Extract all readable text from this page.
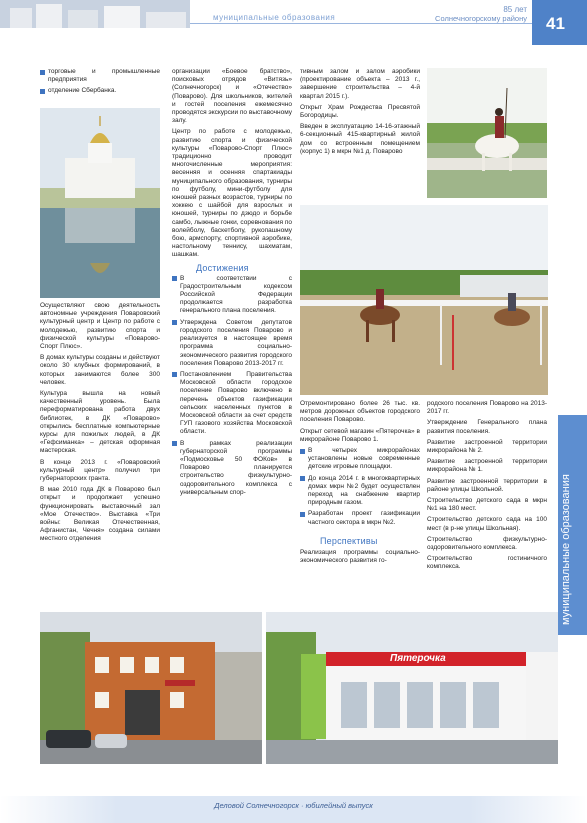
муниципальные образования
85 лет
Солнечногорскому району	41
муниципальные образования
торговые и промышленные предприятия
отделение Сбербанка.

Осуществляют свою деятельность автономные учреждения Поваровский культурный центр и Центр по работе с молодежью, развитию спорта и физической культуры «Поварово-Спорт Плюс».

В домах культуры созданы и действуют около 30 клубных формирований, в которых занимаются более 300 человек.

Культура вышла на новый качественный уровень. Была переформатирована работа двух библиотек, в ДК «Поварово» открылись бесплатные компьютерные курсы для пожилых людей, в ДК «Гефсиманка» – детская оформная мастерская.

В конце 2013 г. «Поваровский культурный центр» получил три губернаторских гранта.

В мае 2010 года ДК в Поварово был открыт и продолжает успешно функционировать выставочный зал «Мое Отечество». Выставка «Три войны: Великая Отечественная, Афганистан, Чечня» создана силами местного отделения

организации «Боевое братство», поисковых отрядов «Витязь» (Солнечногорск) и «Отечество» (Поварово). Для школьников, жителей и гостей поселения ежемесячно проводятся экскурсии по выставочному залу.

Центр по работе с молодежью, развитию спорта и физической культуры «Поварово-Спорт Плюс» традиционно проводит многочисленные мероприятия: весенняя и осенняя спартакиады муниципального образования, турниры по футболу, мини-футболу для юношей разных возрастов, турниры по хоккею с шайбой для взрослых и юношей, турниры по дзюдо и борьбе самбо, лыжные гонки, соревнования по волейболу, баскетболу, рукопашному бою, армспорту, спортивной аэробике, настольному теннису, шахматам, шашкам.

Достижения
В соответствии с Градостроительным кодексом Российской Федерации продолжается разработка генерального плана поселения.
Утверждена Советом депутатов городского поселения Поварово и реализуется в настоящее время программа социально-экономического развития городского поселения Поварово 2013-2017 гг.
Постановлением Правительства Московской области городское поселение Поварово включено в перечень объектов газификации сельских населенных пунктов в Московской области за счет средств ГУП газового хозяйства Московской области.
В рамках реализации губернаторской программы «Подмосковье 50 ФОКов» в Поварово планируется строительство физкультурно-оздоровительного комплекса с универсальным спор-

тивным залом и залом аэробики (проектирование объекта – 2013 г., завершение строительства – 4-й квартал 2015 г.).

Открыт Храм Рождества Пресвятой Богородицы.

Введен в эксплуатацию 14-16-этажный 6-секционный 415-квартирный жилой дом со встроенным помещением (корпус 1) в мкрн №1 д. Поварово

Отремонтировано более 26 тыс. кв. метров дорожных объектов городского поселения Поварово.

Открыт сетевой магазин «Пятерочка» в микрорайоне Поварово 1.

В четырех микрорайонах установлены новые современные детские игровые площадки.
До конца 2014 г. в многоквартирных домах мкрн №2 будет осуществлен переход на снабжение квартир природным газом.
Разработан проект газификации частного сектора в мкрн №2.
Перспективы

Реализация программы социально-экономического развития го-

родского поселения Поварово на 2013-2017 гг.

Утверждение Генерального плана развития поселения.

Развитие застроенной территории микрорайона № 2.

Развитие застроенной территории микрорайона № 1.

Развитие застроенной территории в районе улицы Школьной.

Строительство детского сада в мкрн №1 на 180 мест.

Строительство детского сада на 100 мест (в р-не улицы Школьная).

Строительство физкультурно-оздоровительного комплекса.

Строительство гостиничного комплекса.

Пятерочка
Деловой Солнечногорск · юбилейный выпуск
